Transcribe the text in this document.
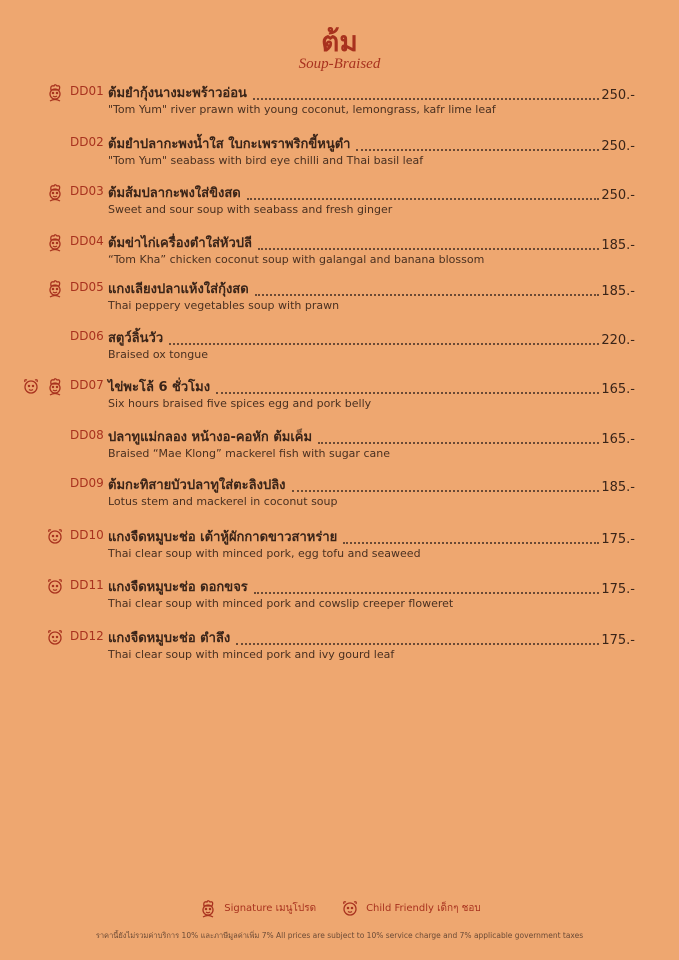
ต้ม
Soup-Braised
DD01 ต้มยำกุ้งนางมะพร้าวอ่อน	250.-
"Tom Yum" river prawn with young coconut, lemongrass, kafr lime leaf
DD02 ต้มยำปลากะพงน้ำใส ใบกะเพราพริกขี้หนูตำ	250.-
"Tom Yum" seabass with bird eye chilli and Thai basil leaf
DD03 ต้มส้มปลากะพงใส่ขิงสด	250.-
Sweet and sour soup with seabass and fresh ginger
DD04 ต้มข่าไก่เครื่องตำใส่หัวปลี	185.-
“Tom Kha” chicken coconut soup with galangal and banana blossom
DD05 แกงเลียงปลาแห้งใส่กุ้งสด	185.-
Thai peppery vegetables soup with prawn
DD06 สตูว์ลิ้นวัว	220.-
Braised ox tongue
DD07 ไข่พะโล้ 6 ชั่วโมง	165.-
Six hours braised five spices egg and pork belly
DD08 ปลาทูแม่กลอง หน้างอ-คอหัก ต้มเค็ม	165.-
Braised “Mae Klong” mackerel fish with sugar cane
DD09 ต้มกะทิสายบัวปลาทูใส่ตะลิงปลิง	185.-
Lotus stem and mackerel in coconut soup
DD10 แกงจืดหมูบะช่อ เต้าหู้ผักกาดขาวสาหร่าย	175.-
Thai clear soup with minced pork, egg tofu and seaweed
DD11 แกงจืดหมูบะช่อ ดอกขจร	175.-
Thai clear soup with minced pork and cowslip creeper floweret
DD12 แกงจืดหมูบะช่อ ตำลึง	175.-
Thai clear soup with minced pork and ivy gourd leaf
Signature เมนูโปรด	Child Friendly เด็กๆ ชอบ
ราคานี้ยังไม่รวมค่าบริการ 10% และภาษีมูลค่าเพิ่ม 7% All prices are subject to 10% service charge and 7% applicable government taxes
